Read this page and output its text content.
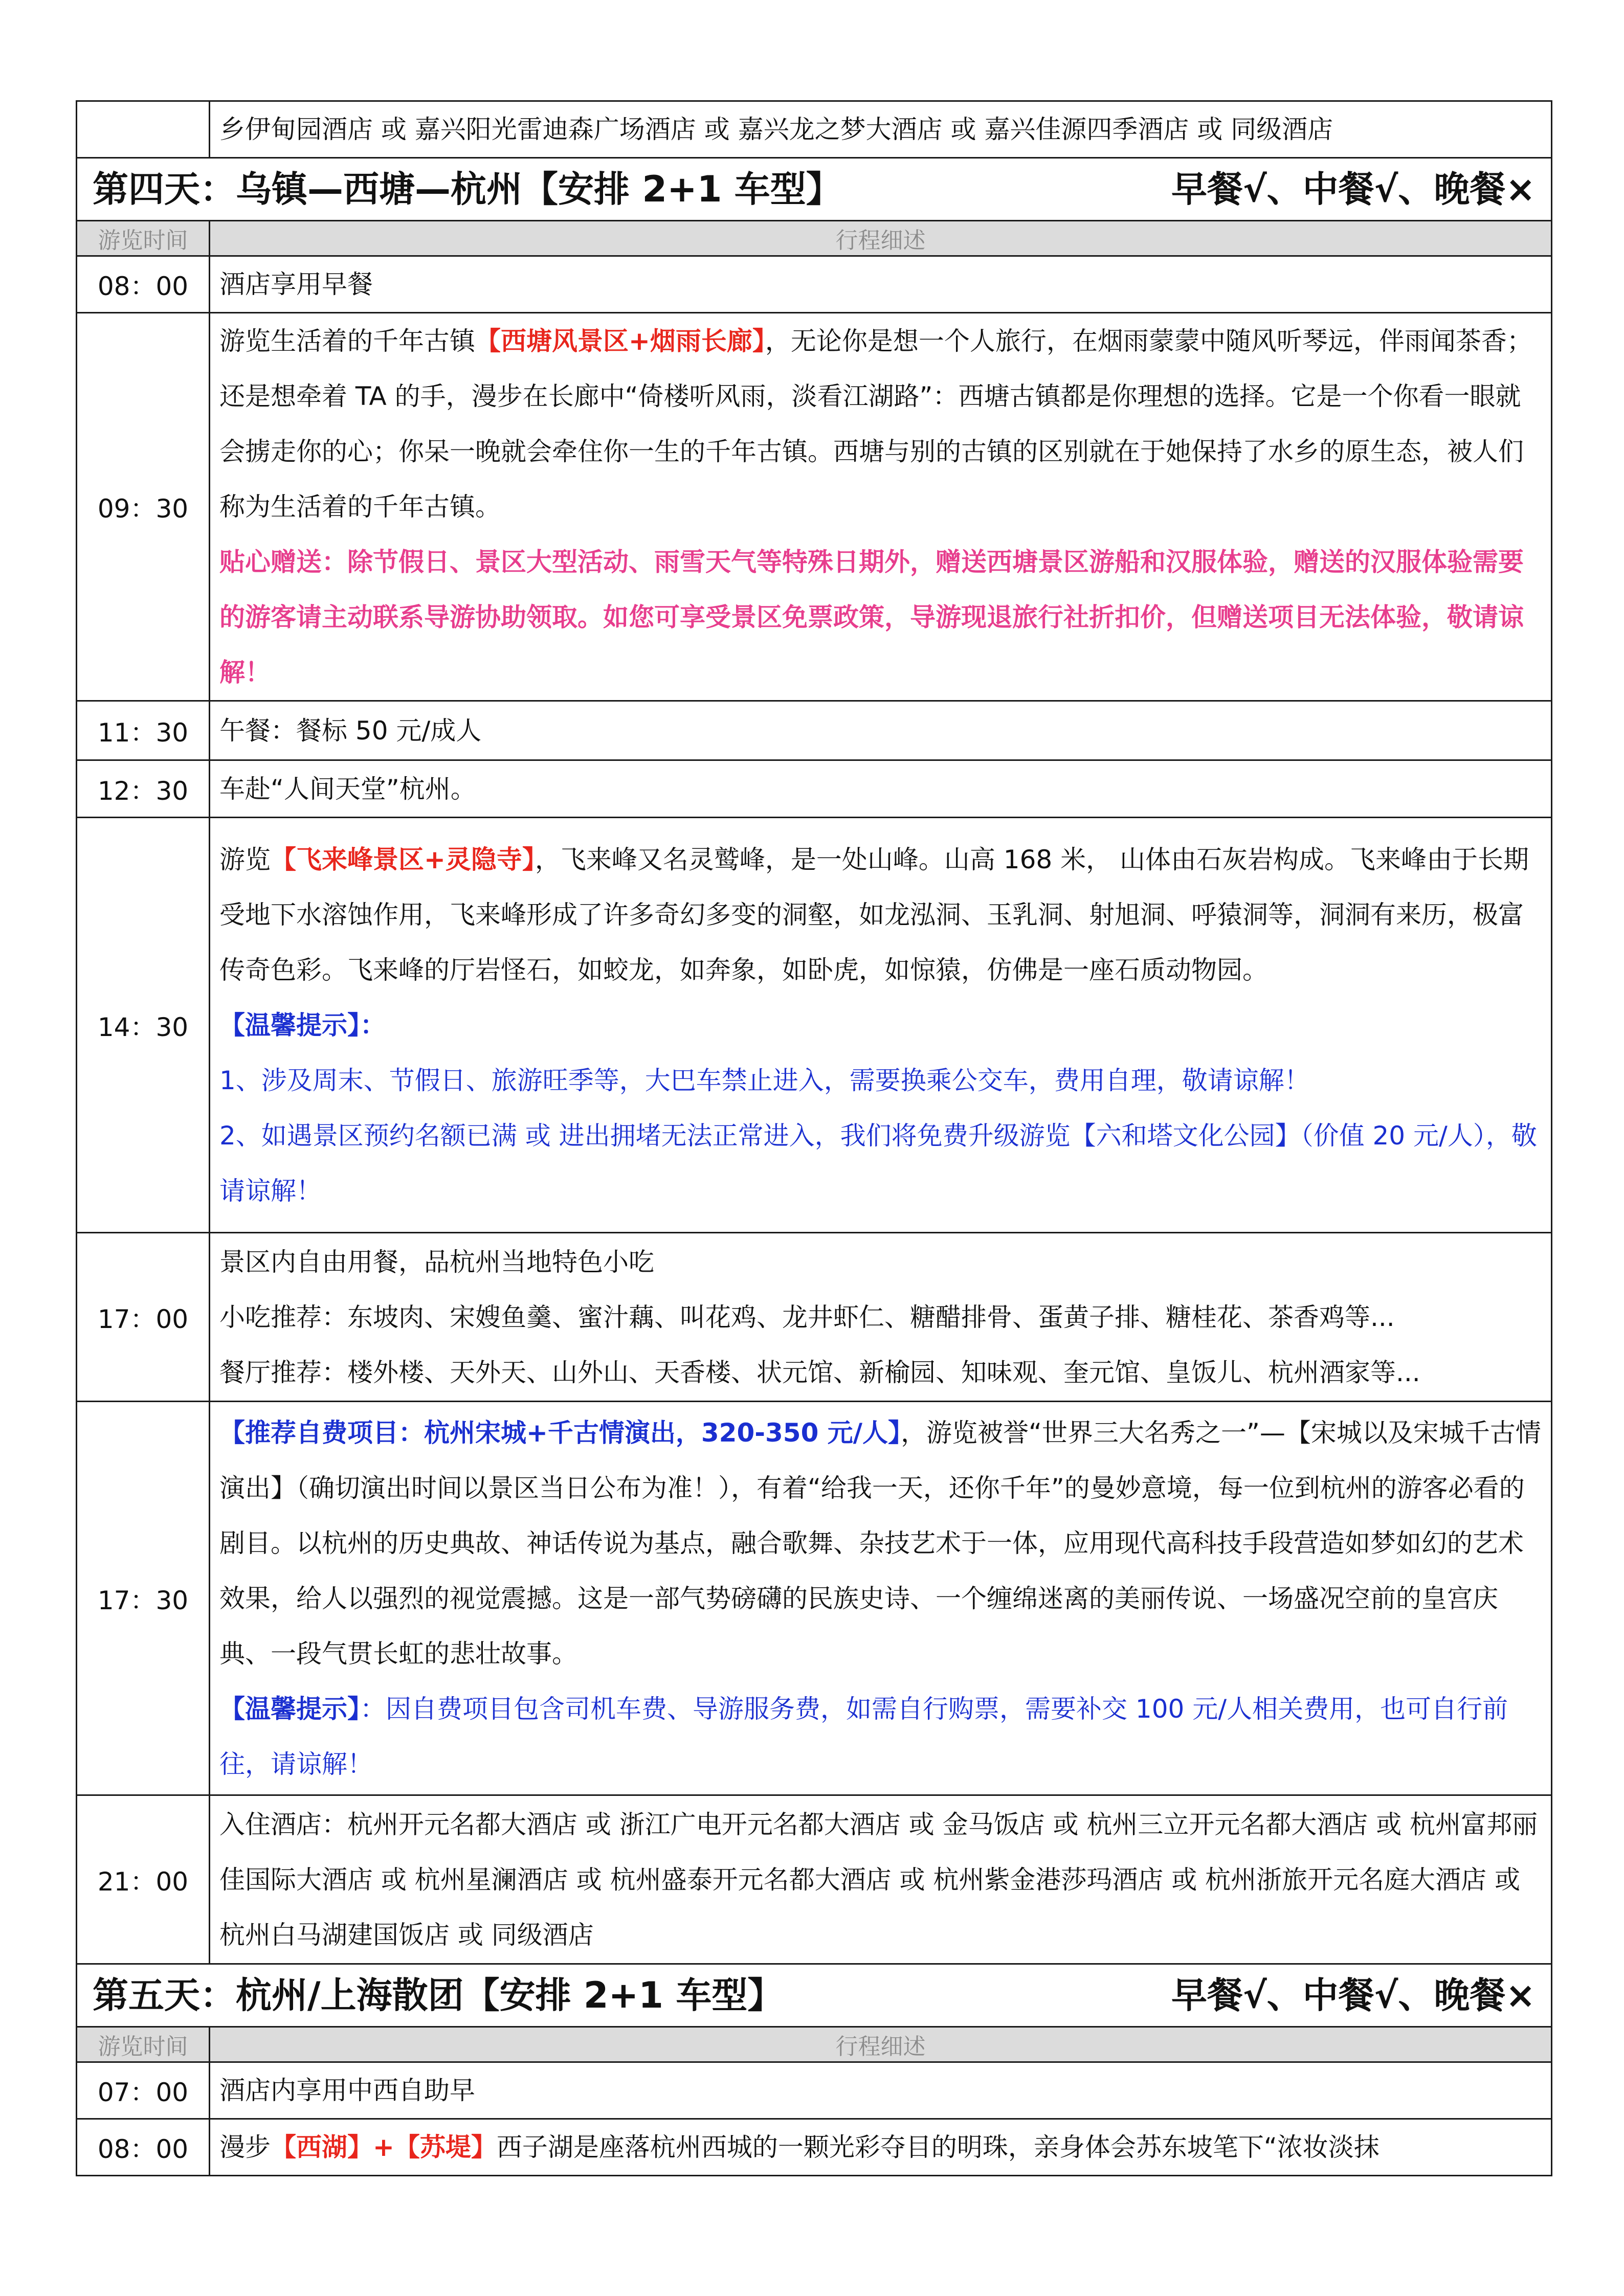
	乡伊甸园酒店 或 嘉兴阳光雷迪森广场酒店 或 嘉兴龙之梦大酒店 或 嘉兴佳源四季酒店 或 同级酒店

第四天：乌镇—西塘—杭州【安排 2+1 车型】 早餐√、中餐√、晚餐×	

游览时间	行程细述
08：00	酒店享用早餐
09：30	游览生活着的千年古镇【西塘风景区+烟雨长廊】，无论你是想一个人旅行，在烟雨蒙蒙中随风听琴远，伴雨闻茶香；还是想牵着 TA 的手，漫步在长廊中“倚楼听风雨，淡看江湖路”：西塘古镇都是你理想的选择。它是一个你看一眼就会掳走你的心；你呆一晚就会牵住你一生的千年古镇。西塘与别的古镇的区别就在于她保持了水乡的原生态，被人们称为生活着的千年古镇。

贴心赠送：除节假日、景区大型活动、雨雪天气等特殊日期外，赠送西塘景区游船和汉服体验，赠送的汉服体验需要的游客请主动联系导游协助领取。如您可享受景区免票政策，导游现退旅行社折扣价，但赠送项目无法体验，敬请谅解！

11：30	午餐：餐标 50 元/成人
12：30	车赴“人间天堂”杭州。
14：30	游览【飞来峰景区+灵隐寺】，飞来峰又名灵鹫峰，是一处山峰。山高 168 米， 山体由石灰岩构成。飞来峰由于长期受地下水溶蚀作用，飞来峰形成了许多奇幻多变的洞壑，如龙泓洞、玉乳洞、射旭洞、呼猿洞等，洞洞有来历，极富传奇色彩。飞来峰的厅岩怪石，如蛟龙，如奔象，如卧虎，如惊猿，仿佛是一座石质动物园。

【温馨提示】：

1、涉及周末、节假日、旅游旺季等，大巴车禁止进入，需要换乘公交车，费用自理，敬请谅解！

2、如遇景区预约名额已满 或 进出拥堵无法正常进入，我们将免费升级游览【六和塔文化公园】（价值 20 元/人），敬请谅解！

17：00	景区内自由用餐，品杭州当地特色小吃

小吃推荐：东坡肉、宋嫂鱼羹、蜜汁藕、叫花鸡、龙井虾仁、糖醋排骨、蛋黄子排、糖桂花、茶香鸡等...

餐厅推荐：楼外楼、天外天、山外山、天香楼、状元馆、新榆园、知味观、奎元馆、皇饭儿、杭州酒家等...

17：30	【推荐自费项目：杭州宋城+千古情演出，320-350 元/人】，游览被誉“世界三大名秀之一”—【宋城以及宋城千古情演出】（确切演出时间以景区当日公布为准！），有着“给我一天，还你千年”的曼妙意境，每一位到杭州的游客必看的剧目。以杭州的历史典故、神话传说为基点，融合歌舞、杂技艺术于一体，应用现代高科技手段营造如梦如幻的艺术效果，给人以强烈的视觉震撼。这是一部气势磅礴的民族史诗、一个缠绵迷离的美丽传说、一场盛况空前的皇宫庆典、一段气贯长虹的悲壮故事。

【温馨提示】：因自费项目包含司机车费、导游服务费，如需自行购票，需要补交 100 元/人相关费用，也可自行前往，请谅解！

21：00	入住酒店：杭州开元名都大酒店 或 浙江广电开元名都大酒店 或 金马饭店 或 杭州三立开元名都大酒店 或 杭州富邦丽佳国际大酒店 或 杭州星澜酒店 或 杭州盛泰开元名都大酒店 或 杭州紫金港莎玛酒店 或 杭州浙旅开元名庭大酒店 或 杭州白马湖建国饭店 或 同级酒店

第五天：杭州/上海散团【安排 2+1 车型】 早餐√、中餐√、晚餐×	

游览时间	行程细述
07：00	酒店内享用中西自助早
08：00	漫步【西湖】+【苏堤】西子湖是座落杭州西城的一颗光彩夺目的明珠，亲身体会苏东坡笔下“浓妆淡抹
